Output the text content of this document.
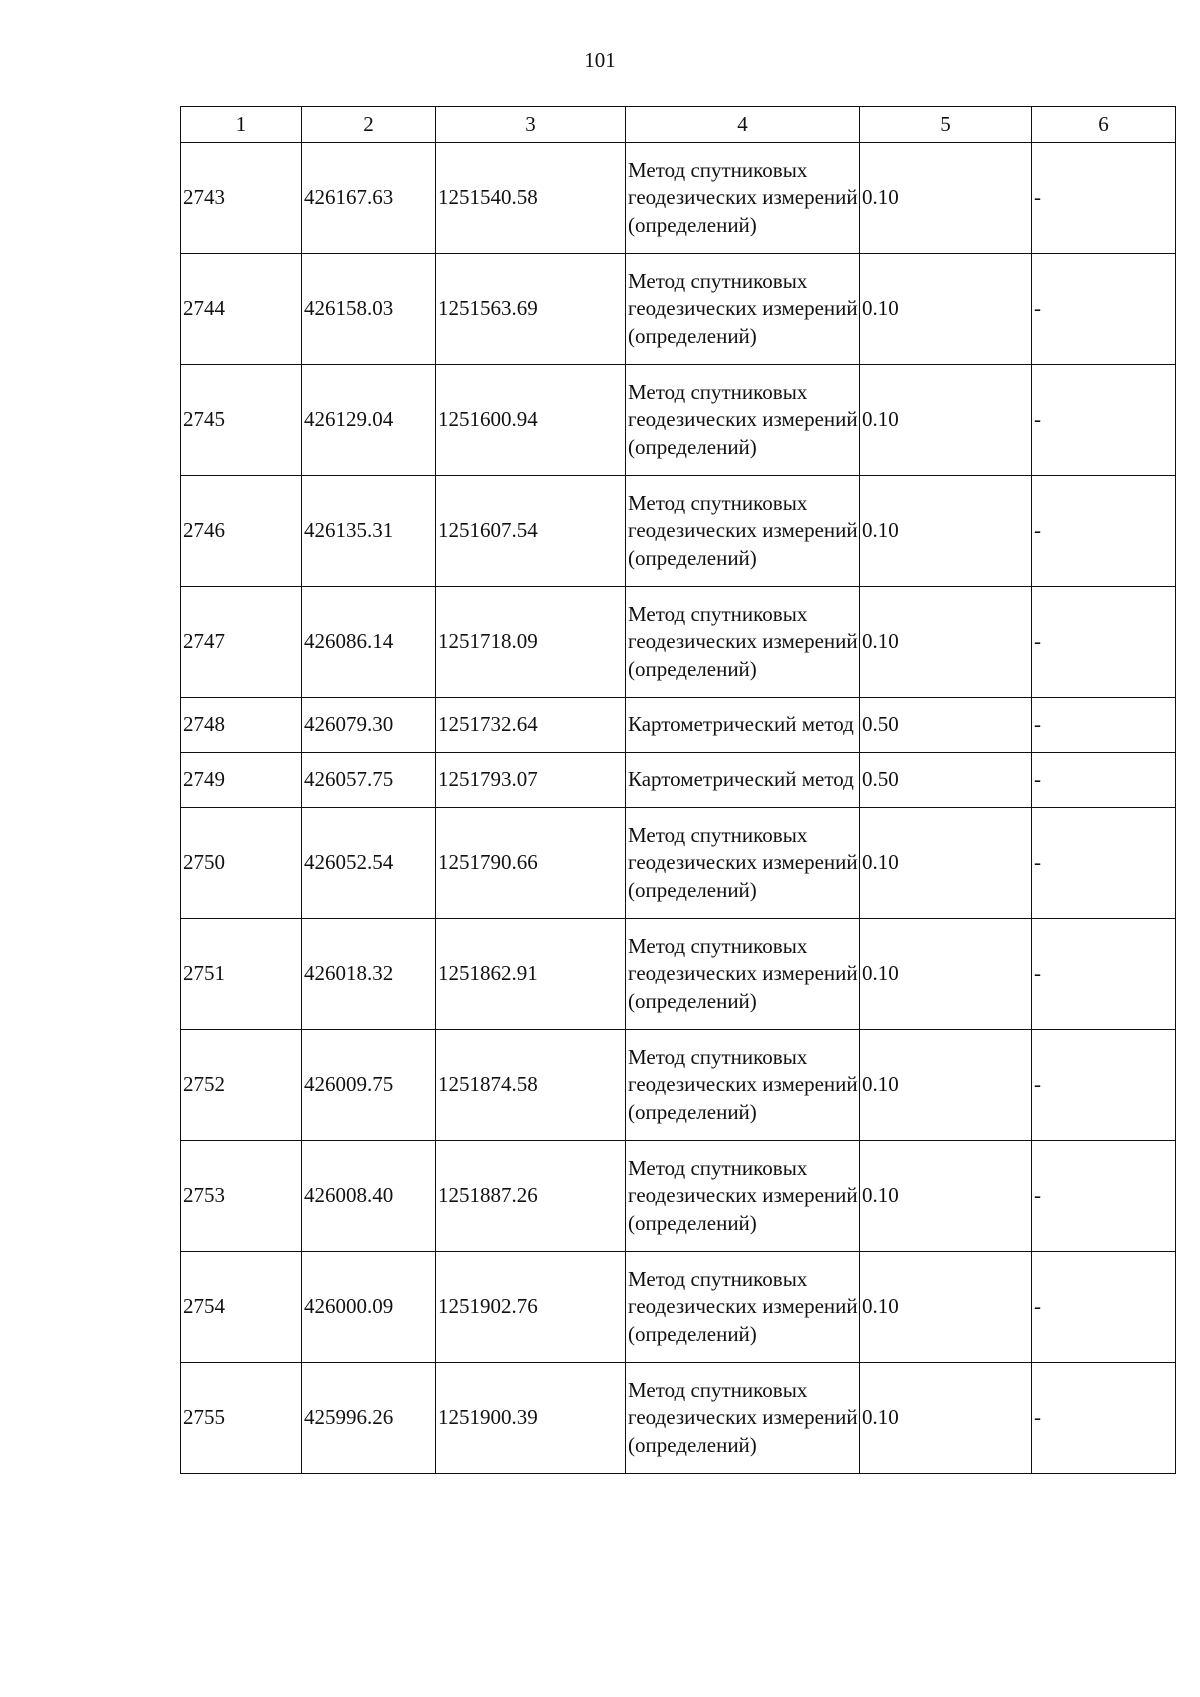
101
1	2	3	4	5	6
2743	426167.63	1251540.58	Метод спутниковых геодезических измерений (определений)	0.10	-
2744	426158.03	1251563.69	Метод спутниковых геодезических измерений (определений)	0.10	-
2745	426129.04	1251600.94	Метод спутниковых геодезических измерений (определений)	0.10	-
2746	426135.31	1251607.54	Метод спутниковых геодезических измерений (определений)	0.10	-
2747	426086.14	1251718.09	Метод спутниковых геодезических измерений (определений)	0.10	-
2748	426079.30	1251732.64	Картометрический метод	0.50	-
2749	426057.75	1251793.07	Картометрический метод	0.50	-
2750	426052.54	1251790.66	Метод спутниковых геодезических измерений (определений)	0.10	-
2751	426018.32	1251862.91	Метод спутниковых геодезических измерений (определений)	0.10	-
2752	426009.75	1251874.58	Метод спутниковых геодезических измерений (определений)	0.10	-
2753	426008.40	1251887.26	Метод спутниковых геодезических измерений (определений)	0.10	-
2754	426000.09	1251902.76	Метод спутниковых геодезических измерений (определений)	0.10	-
2755	425996.26	1251900.39	Метод спутниковых геодезических измерений (определений)	0.10	-
